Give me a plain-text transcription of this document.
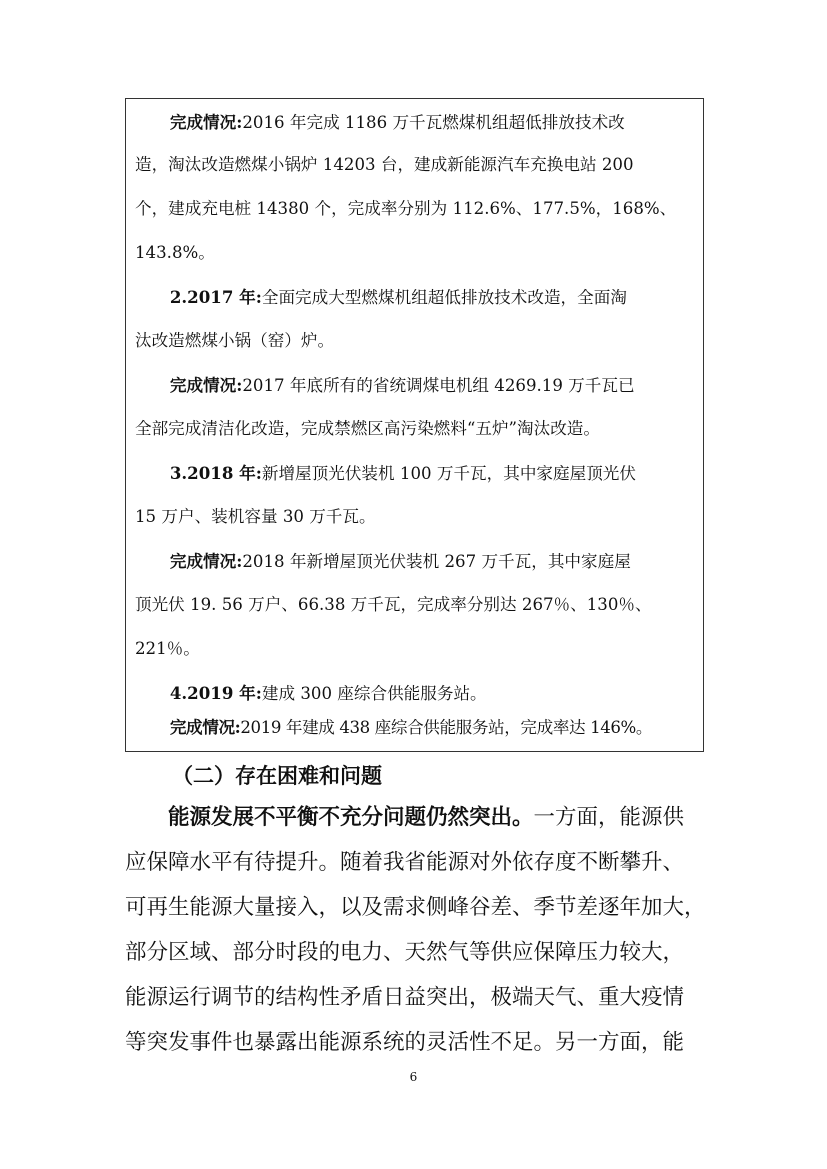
完成情况:2016 年完成 1186 万千瓦燃煤机组超低排放技术改

造，淘汰改造燃煤小锅炉 14203 台，建成新能源汽车充换电站 200

个，建成充电桩 14380 个，完成率分别为 112.6%、177.5%，168%、

143.8%。

2.2017 年:全面完成大型燃煤机组超低排放技术改造，全面淘

汰改造燃煤小锅（窑）炉。

完成情况:2017 年底所有的省统调煤电机组 4269.19 万千瓦已

全部完成清洁化改造，完成禁燃区高污染燃料“五炉”淘汰改造。

3.2018 年:新增屋顶光伏装机 100 万千瓦，其中家庭屋顶光伏

15 万户、装机容量 30 万千瓦。

完成情况:2018 年新增屋顶光伏装机 267 万千瓦，其中家庭屋

顶光伏 19. 56 万户、66.38 万千瓦，完成率分别达 267％、130％、

221％。

4.2019 年:建成 300 座综合供能服务站。

完成情况:2019 年建成 438 座综合供能服务站，完成率达 146%。

（二）存在困难和问题

能源发展不平衡不充分问题仍然突出。一方面，能源供

应保障水平有待提升。随着我省能源对外依存度不断攀升、

可再生能源大量接入，以及需求侧峰谷差、季节差逐年加大，

部分区域、部分时段的电力、天然气等供应保障压力较大，

能源运行调节的结构性矛盾日益突出，极端天气、重大疫情

等突发事件也暴露出能源系统的灵活性不足。另一方面，能

6
